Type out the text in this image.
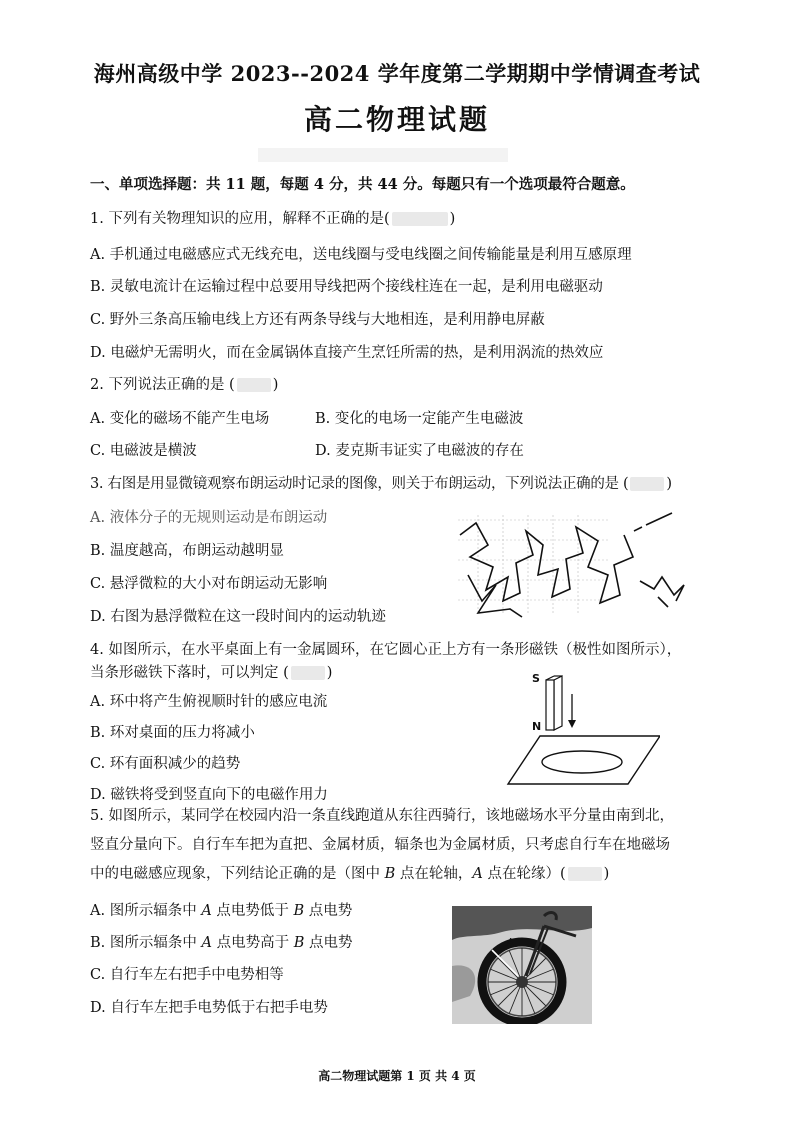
海州高级中学 2023--2024 学年度第二学期期中学情调查考试
高二物理试题
一、单项选择题：共 11 题，每题 4 分，共 44 分。每题只有一个选项最符合题意。
1. 下列有关物理知识的应用，解释不正确的是(	)
A. 手机通过电磁感应式无线充电，送电线圈与受电线圈之间传输能量是利用互感原理
B. 灵敏电流计在运输过程中总要用导线把两个接线柱连在一起，是利用电磁驱动
C. 野外三条高压输电线上方还有两条导线与大地相连，是利用静电屏蔽
D. 电磁炉无需明火，而在金属锅体直接产生烹饪所需的热，是利用涡流的热效应
2. 下列说法正确的是 (	)
A. 变化的磁场不能产生电场	B. 变化的电场一定能产生电磁波
C. 电磁波是横波	D. 麦克斯韦证实了电磁波的存在
3. 右图是用显微镜观察布朗运动时记录的图像，则关于布朗运动，下列说法正确的是 (	)
A. 液体分子的无规则运动是布朗运动
B. 温度越高，布朗运动越明显
C. 悬浮微粒的大小对布朗运动无影响
D. 右图为悬浮微粒在这一段时间内的运动轨迹
4. 如图所示，在水平桌面上有一金属圆环，在它圆心正上方有一条形磁铁（极性如图所示），
当条形磁铁下落时，可以判定 (	)
A. 环中将产生俯视顺时针的感应电流
B. 环对桌面的压力将减小
C. 环有面积减少的趋势
D. 磁铁将受到竖直向下的电磁作用力
S
N
5. 如图所示，某同学在校园内沿一条直线跑道从东往西骑行，该地磁场水平分量由南到北，
竖直分量向下。自行车车把为直把、金属材质，辐条也为金属材质，只考虑自行车在地磁场
中的电磁感应现象，下列结论正确的是（图中 B 点在轮轴，A 点在轮缘）(	)
A. 图所示辐条中 A 点电势低于 B 点电势
B. 图所示辐条中 A 点电势高于 B 点电势
C. 自行车左右把手中电势相等
D. 自行车左把手电势低于右把手电势
A
高二物理试题第 1 页 共 4 页
